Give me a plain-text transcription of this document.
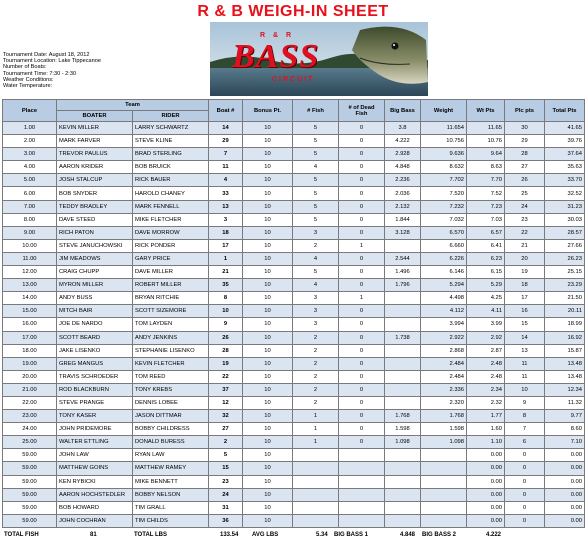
R & B WEIGH-IN SHEET
R & R
BASS
CIRCUIT
Tournament Date: August 18, 2012
Tournament Location: Lake Tippecanoe
Number of Boats:
Tournament Time: 7:30 - 2:30
Weather Conditions:
Water Temperature:
Place	Team		Boat #	Bonus Pt.	# Fish	# of Dead
Fish	Big Bass	Weight	Wt Pts	Plc pts	Total Pts
	BOATER	RIDER									
1.00	KEVIN MILLER	LARRY SCHWARTZ	14	10	5	0	3.8	11.654	11.65	30	41.65
2.00	MARK FARVER	STEVE KLINE	29	10	5	0	4.222	10.756	10.76	29	39.76
3.00	TREVOR PAULUS	BRAD STERLING	7	10	5	0	2.928	9.636	9.64	28	37.64
4.00	AARON KRIDER	BOB BRUICK	11	10	4	0	4.848	8.632	8.63	27	35.63
5.00	JOSH STALCUP	RICK BAUER	4	10	5	0	2.236	7.702	7.70	26	33.70
6.00	BOB SNYDER	HAROLD CHANEY	33	10	5	0	2.036	7.520	7.52	25	32.52
7.00	TEDDY BRADLEY	MARK FENNELL	13	10	5	0	2.132	7.232	7.23	24	31.23
8.00	DAVE STEED	MIKE FLETCHER	3	10	5	0	1.844	7.032	7.03	23	30.03
9.00	RICH PATON	DAVE MORROW	18	10	3	0	3.128	6.570	6.57	22	28.57
10.00	STEVE JANUCHOWSKI	RICK PONDER	17	10	2	1		6.660	6.41	21	27.66
11.00	JIM MEADOWS	GARY PRICE	1	10	4	0	2.544	6.226	6.23	20	26.23
12.00	CRAIG CHUPP	DAVE MILLER	21	10	5	0	1.496	6.146	6.15	19	25.15
13.00	MYRON MILLER	ROBERT MILLER	35	10	4	0	1.796	5.294	5.29	18	23.29
14.00	ANDY BUSS	BRYAN RITCHIE	8	10	3	1		4.498	4.25	17	21.50
15.00	MITCH BAIR	SCOTT SIZEMORE	10	10	3	0		4.112	4.11	16	20.11
16.00	JOE DE NARDO	TOM LAYDEN	9	10	3	0		3.994	3.99	15	18.99
17.00	SCOTT BEARD	ANDY JENKINS	26	10	2	0	1.738	2.922	2.92	14	16.92
18.00	JAKE LISENKO	STEPHANIE LISENKO	28	10	2	0		2.868	2.87	13	15.87
19.00	GREG MANGUS	KEVIN FLETCHER	19	10	2	0		2.484	2.48	11	13.48
20.00	TRAVIS SCHROEDER	TOM REED	22	10	2	0		2.484	2.48	11	13.48
21.00	ROD BLACKBURN	TONY KREBS	37	10	2	0		2.336	2.34	10	12.34
22.00	STEVE PRANGE	DENNIS LOBEE	12	10	2	0		2.320	2.32	9	11.32
23.00	TONY KASER	JASON DITTMAR	32	10	1	0	1.768	1.768	1.77	8	9.77
24.00	JOHN PRIDEMORE	BOBBY CHILDRESS	27	10	1	0	1.598	1.598	1.60	7	8.60
25.00	WALTER ETTLING	DONALD BURESS	2	10	1	0	1.098	1.098	1.10	6	7.10
59.00	JOHN LAW	RYAN LAW	5	10					0.00	0	0.00
59.00	MATTHEW GOINS	MATTHEW RAMEY	15	10					0.00	0	0.00
59.00	KEN RYBICKI	MIKE BENNETT	23	10					0.00	0	0.00
59.00	AARON HOCHSTEDLER	BOBBY NELSON	24	10					0.00	0	0.00
59.00	BOB HOWARD	TIM GRALL	31	10					0.00	0	0.00
59.00	JOHN COCHRAN	TIM CHILDS	36	10					0.00	0	0.00
TOTAL FISH	81	TOTAL LBS	133.54 AVG LBS	5.34 BIG BASS 1	4.848 BIG BASS 2	4.222
